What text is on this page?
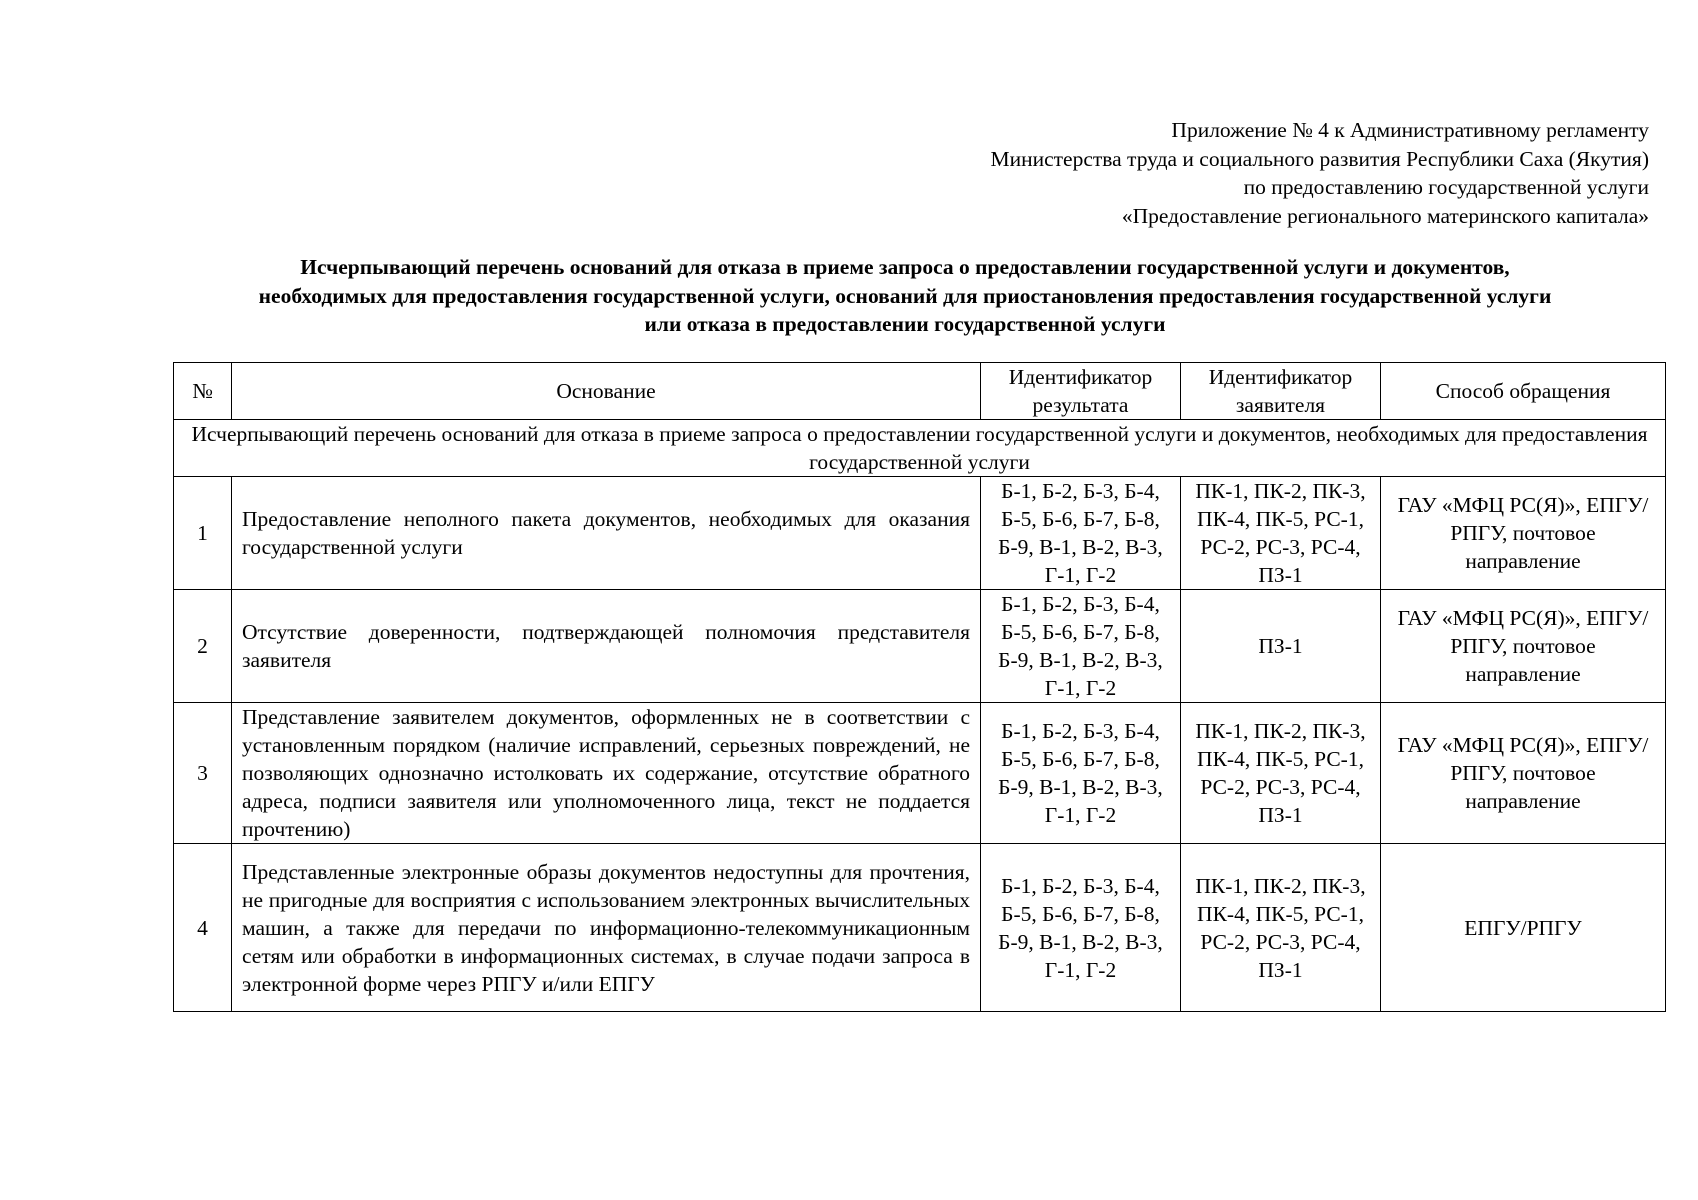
Приложение № 4 к Административному регламенту
Министерства труда и социального развития Республики Саха (Якутия)
по предоставлению государственной услуги
«Предоставление регионального материнского капитала»
Исчерпывающий перечень оснований для отказа в приеме запроса о предоставлении государственной услуги и документов,
необходимых для предоставления государственной услуги, оснований для приостановления предоставления государственной услуги
или отказа в предоставлении государственной услуги
№	Основание	Идентификатор результата	Идентификатор заявителя	Способ обращения
Исчерпывающий перечень оснований для отказа в приеме запроса о предоставлении государственной услуги и документов, необходимых для предоставления государственной услуги				
1	Предоставление неполного пакета документов, необходимых для оказания государственной услуги	Б-1, Б-2, Б-3, Б-4, Б-5, Б-6, Б-7, Б-8, Б-9, В-1, В-2, В-3, Г-1, Г-2	ПК-1, ПК-2, ПК-3, ПК-4, ПК-5, РС-1, РС-2, РС-3, РС-4, ПЗ-1	ГАУ «МФЦ РС(Я)», ЕПГУ/РПГУ, почтовое направление
2	Отсутствие доверенности, подтверждающей полномочия представителя заявителя	Б-1, Б-2, Б-3, Б-4, Б-5, Б-6, Б-7, Б-8, Б-9, В-1, В-2, В-3, Г-1, Г-2	ПЗ-1	ГАУ «МФЦ РС(Я)», ЕПГУ/РПГУ, почтовое направление
3	Представление заявителем документов, оформленных не в соответствии с установленным порядком (наличие исправлений, серьезных повреждений, не позволяющих однозначно истолковать их содержание, отсутствие обратного адреса, подписи заявителя или уполномоченного лица, текст не поддается прочтению)	Б-1, Б-2, Б-3, Б-4, Б-5, Б-6, Б-7, Б-8, Б-9, В-1, В-2, В-3, Г-1, Г-2	ПК-1, ПК-2, ПК-3, ПК-4, ПК-5, РС-1, РС-2, РС-3, РС-4, ПЗ-1	ГАУ «МФЦ РС(Я)», ЕПГУ/РПГУ, почтовое направление
4	Представленные электронные образы документов недоступны для прочтения, не пригодные для восприятия с использованием электронных вычислительных машин, а также для передачи по информационно-телекоммуникационным сетям или обработки в информационных системах, в случае подачи запроса в электронной форме через РПГУ и/или ЕПГУ	Б-1, Б-2, Б-3, Б-4, Б-5, Б-6, Б-7, Б-8, Б-9, В-1, В-2, В-3, Г-1, Г-2	ПК-1, ПК-2, ПК-3, ПК-4, ПК-5, РС-1, РС-2, РС-3, РС-4, ПЗ-1	ЕПГУ/РПГУ
